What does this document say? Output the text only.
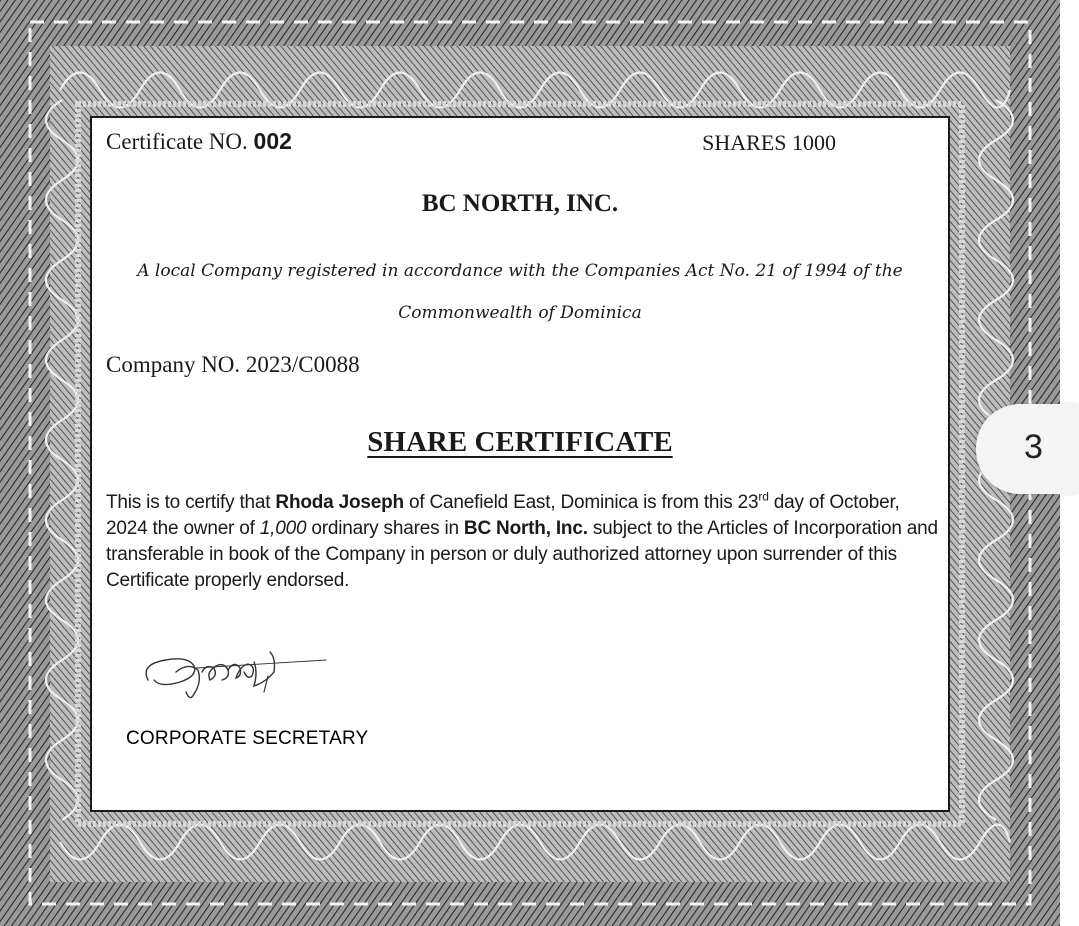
Certificate NO. 002	SHARES 1000
BC NORTH, INC.
A local Company registered in accordance with the Companies Act No. 21 of 1994 of the
Commonwealth of Dominica
Company NO. 2023/C0088
SHARE CERTIFICATE
This is to certify that Rhoda Joseph of Canefield East, Dominica is from this 23rd day of October, 2024 the owner of 1,000 ordinary shares in BC North, Inc. subject to the Articles of Incorporation and transferable in book of the Company in person or duly authorized attorney upon surrender of this Certificate properly endorsed.
CORPORATE SECRETARY
3
